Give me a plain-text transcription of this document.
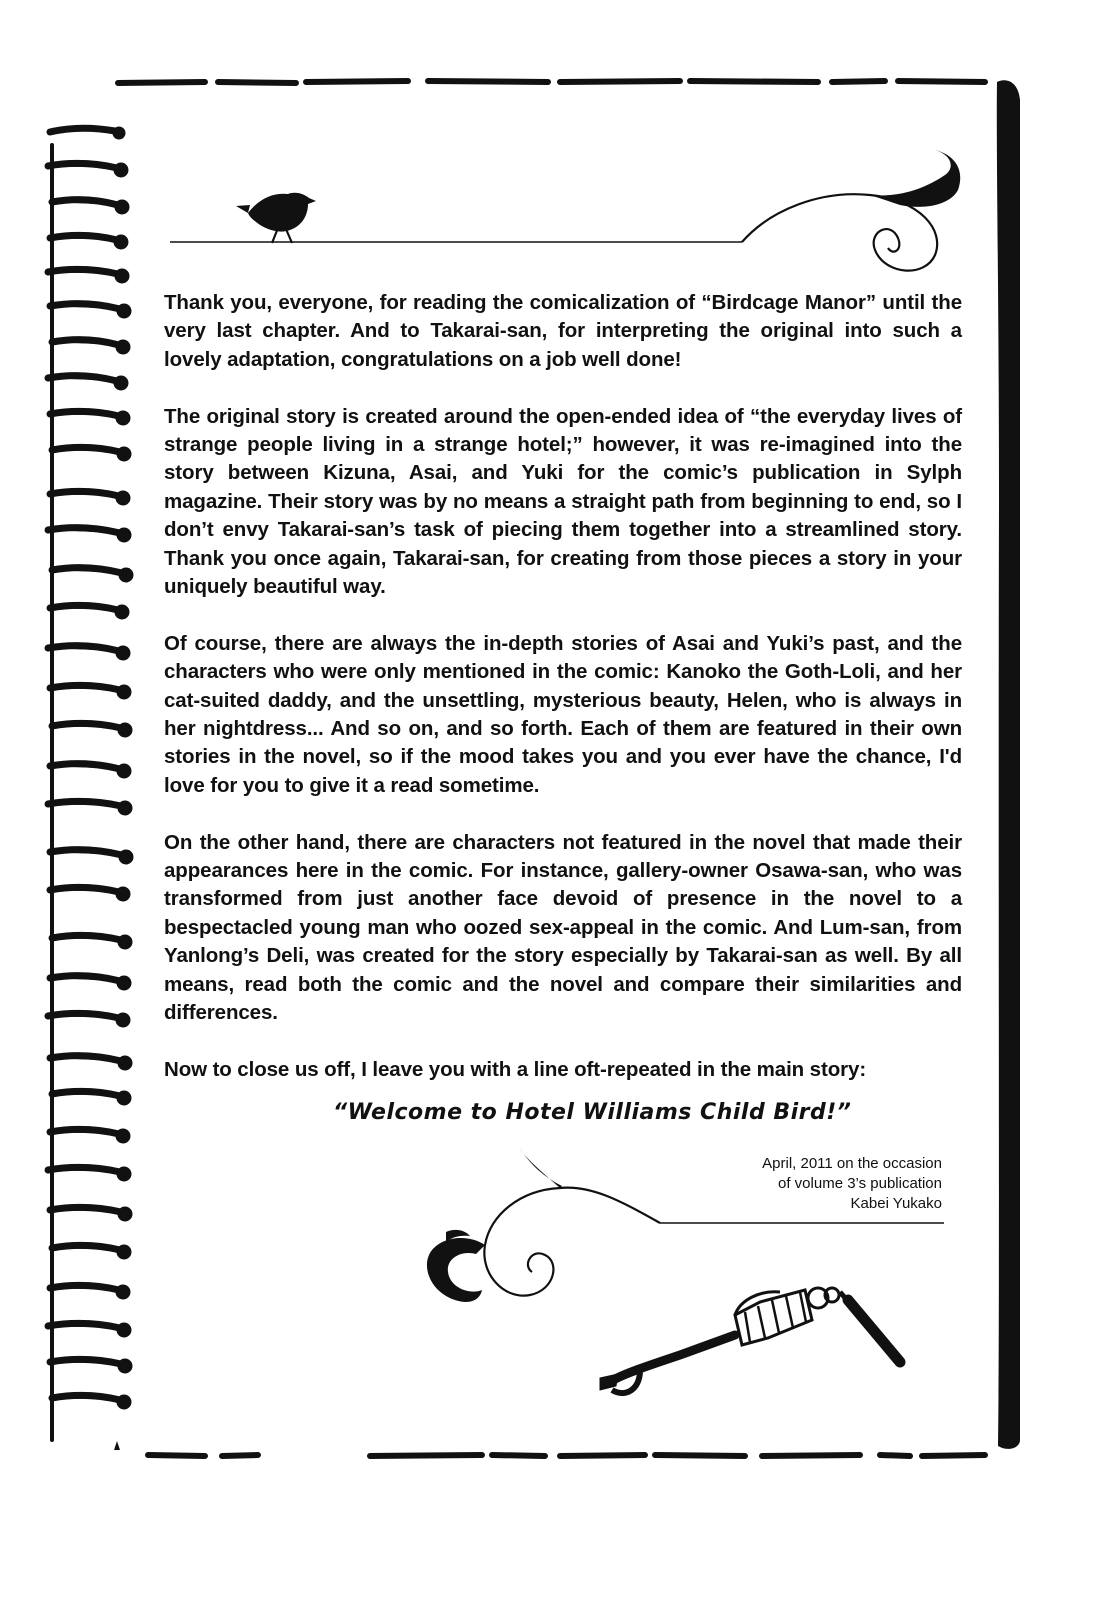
Thank you, everyone, for reading the comicalization of “Birdcage Manor” until the very last chapter. And to Takarai-san, for interpreting the original into such a lovely adaptation, congratulations on a job well done!

The original story is created around the open-ended idea of “the everyday lives of strange people living in a strange hotel;” however, it was re-imagined into the story between Kizuna, Asai, and Yuki for the comic’s publication in Sylph magazine. Their story was by no means a straight path from beginning to end, so I don’t envy Takarai-san’s task of piecing them together into a streamlined story. Thank you once again, Takarai-san, for creating from those pieces a story in your uniquely beautiful way.

Of course, there are always the in-depth stories of Asai and Yuki’s past, and the characters who were only mentioned in the comic: Kanoko the Goth-Loli, and her cat-suited daddy, and the unsettling, mysterious beauty, Helen, who is always in her nightdress... And so on, and so forth. Each of them are featured in their own stories in the novel, so if the mood takes you and you ever have the chance, I'd love for you to give it a read sometime.

On the other hand, there are characters not featured in the novel that made their appearances here in the comic. For instance, gallery-owner Osawa-san, who was transformed from just another face devoid of presence in the novel to a bespectacled young man who oozed sex-appeal in the comic. And Lum-san, from Yanlong’s Deli, was created for the story especially by Takarai-san as well. By all means, read both the comic and the novel and compare their similarities and differences.

Now to close us off, I leave you with a line oft-repeated in the main story:

“Welcome to Hotel Williams Child Bird!”
April, 2011 on the occasion
of volume 3’s publication
Kabei Yukako
